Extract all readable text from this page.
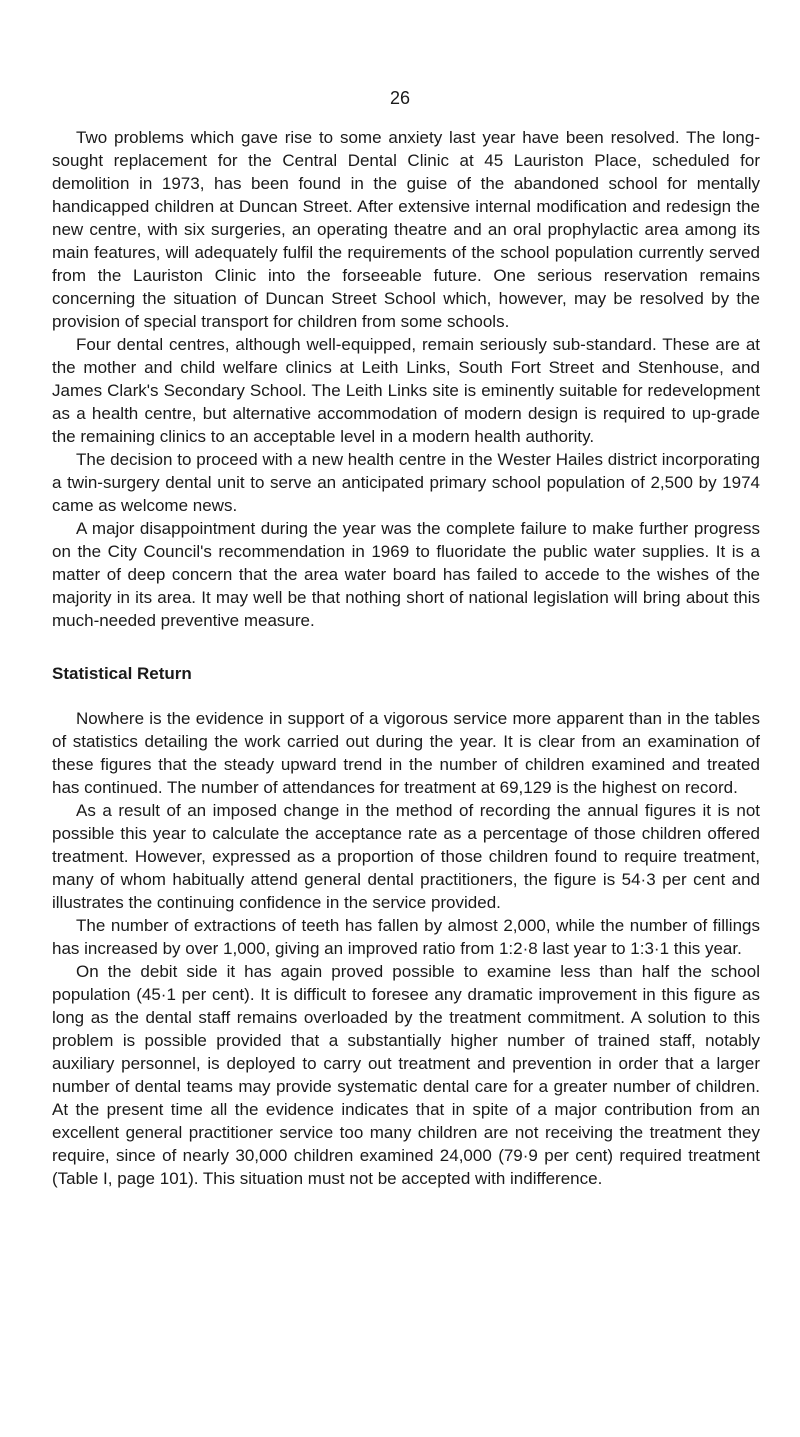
26

Two problems which gave rise to some anxiety last year have been resolved. The long-sought replacement for the Central Dental Clinic at 45 Lauriston Place, scheduled for demolition in 1973, has been found in the guise of the abandoned school for mentally handicapped children at Duncan Street. After extensive internal modification and redesign the new centre, with six surgeries, an operating theatre and an oral prophylactic area among its main features, will adequately fulfil the requirements of the school population currently served from the Lauriston Clinic into the forseeable future. One serious reservation remains concerning the situation of Duncan Street School which, however, may be resolved by the provision of special transport for children from some schools.

Four dental centres, although well-equipped, remain seriously sub-standard. These are at the mother and child welfare clinics at Leith Links, South Fort Street and Stenhouse, and James Clark's Secondary School. The Leith Links site is eminently suitable for redevelopment as a health centre, but alternative accommodation of modern design is required to up-grade the remaining clinics to an acceptable level in a modern health authority.

The decision to proceed with a new health centre in the Wester Hailes district incorporating a twin-surgery dental unit to serve an anticipated primary school population of 2,500 by 1974 came as welcome news.

A major disappointment during the year was the complete failure to make further progress on the City Council's recommendation in 1969 to fluoridate the public water supplies. It is a matter of deep concern that the area water board has failed to accede to the wishes of the majority in its area. It may well be that nothing short of national legislation will bring about this much-needed preventive measure.

Statistical Return

Nowhere is the evidence in support of a vigorous service more apparent than in the tables of statistics detailing the work carried out during the year. It is clear from an examination of these figures that the steady upward trend in the number of children examined and treated has continued. The number of attendances for treatment at 69,129 is the highest on record.

As a result of an imposed change in the method of recording the annual figures it is not possible this year to calculate the acceptance rate as a percentage of those children offered treatment. However, expressed as a proportion of those children found to require treatment, many of whom habitually attend general dental practitioners, the figure is 54·3 per cent and illustrates the continuing confidence in the service provided.

The number of extractions of teeth has fallen by almost 2,000, while the number of fillings has increased by over 1,000, giving an improved ratio from 1:2·8 last year to 1:3·1 this year.

On the debit side it has again proved possible to examine less than half the school population (45·1 per cent). It is difficult to foresee any dramatic improvement in this figure as long as the dental staff remains overloaded by the treatment commitment. A solution to this problem is possible provided that a substantially higher number of trained staff, notably auxiliary personnel, is deployed to carry out treatment and prevention in order that a larger number of dental teams may provide systematic dental care for a greater number of children. At the present time all the evidence indicates that in spite of a major contribution from an excellent general practitioner service too many children are not receiving the treatment they require, since of nearly 30,000 children examined 24,000 (79·9 per cent) required treatment (Table I, page 101). This situation must not be accepted with indifference.
